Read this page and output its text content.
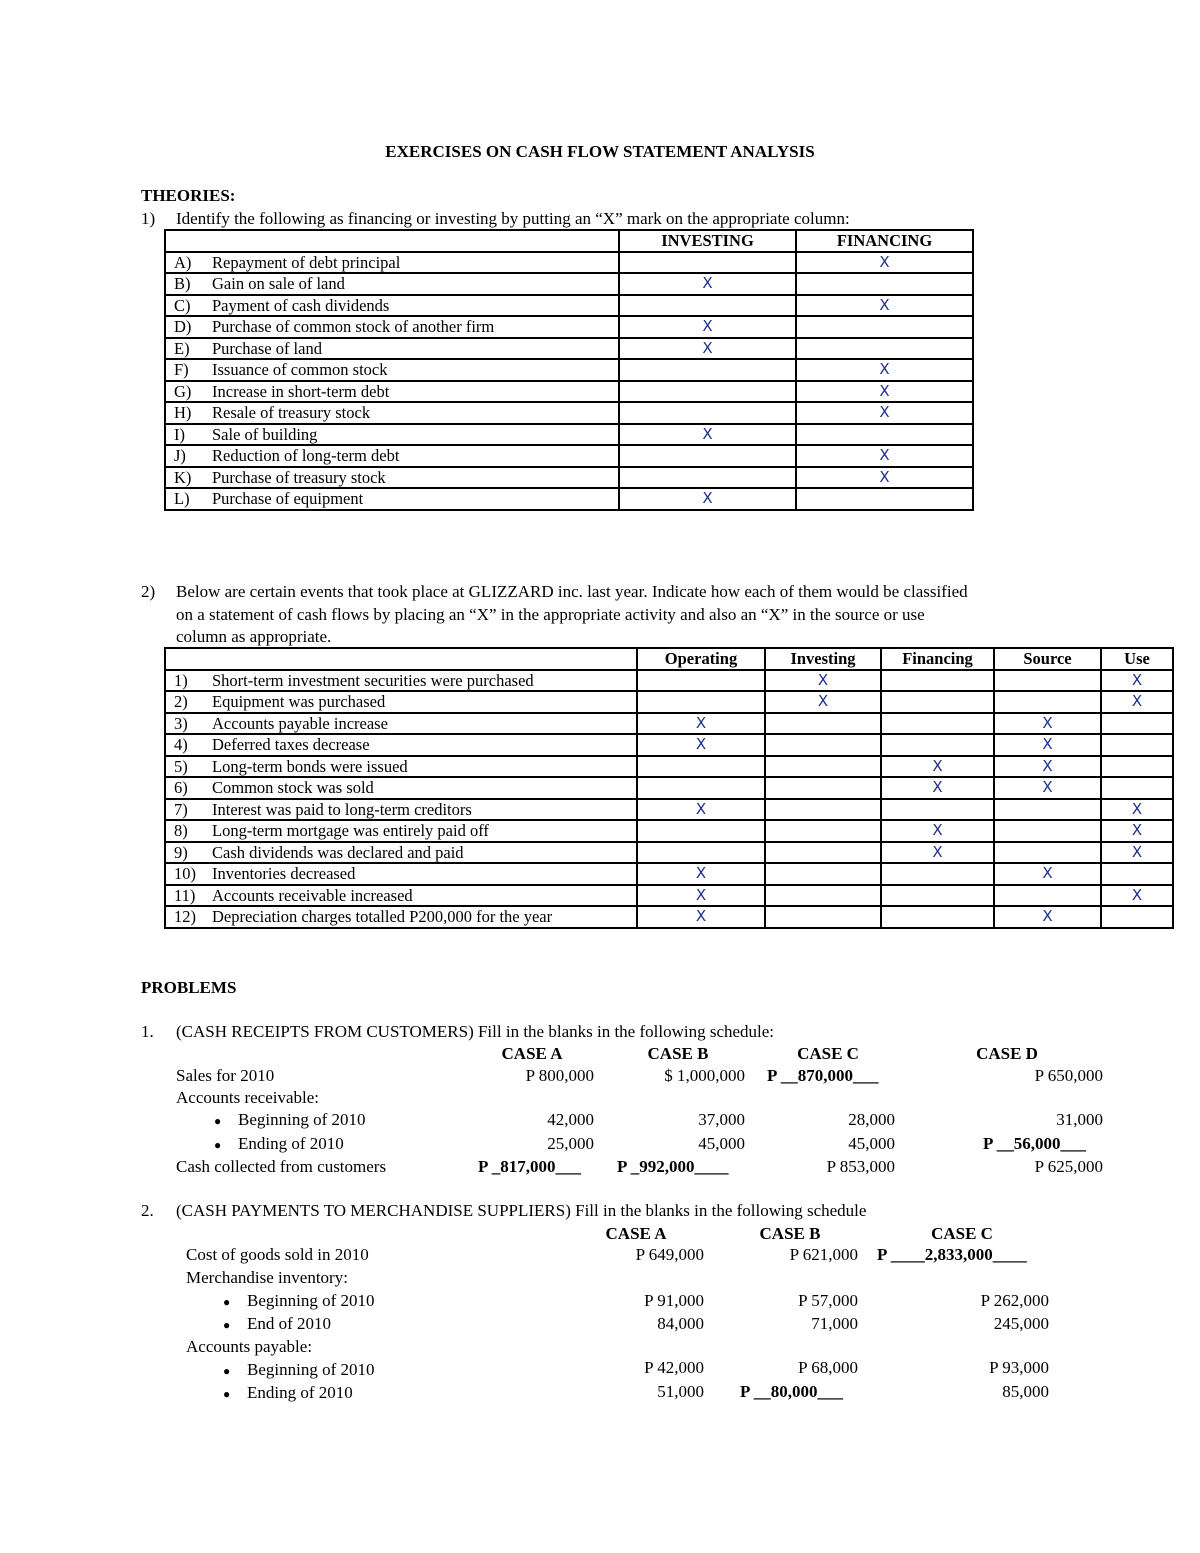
EXERCISES ON CASH FLOW STATEMENT ANALYSIS
THEORIES:
1) Identify the following as financing or investing by putting an “X” mark on the appropriate column:
	INVESTING	FINANCING
A) Repayment of debt principal		X
B) Gain on sale of land	X	
C) Payment of cash dividends		X
D) Purchase of common stock of another firm	X	
E) Purchase of land	X	
F) Issuance of common stock		X
G) Increase in short-term debt		X
H) Resale of treasury stock		X
I) Sale of building	X	
J) Reduction of long-term debt		X
K) Purchase of treasury stock		X
L) Purchase of equipment	X	
2) Below are certain events that took place at GLIZZARD inc. last year. Indicate how each of them would be classified
on a statement of cash flows by placing an “X” in the appropriate activity and also an “X” in the source or use
column as appropriate.
	Operating	Investing	Financing	Source	Use
1) Short-term investment securities were purchased		X			X
2) Equipment was purchased		X			X
3) Accounts payable increase	X			X	
4) Deferred taxes decrease	X			X	
5) Long-term bonds were issued			X	X	
6) Common stock was sold			X	X	
7) Interest was paid to long-term creditors	X				X
8) Long-term mortgage was entirely paid off			X		X
9) Cash dividends was declared and paid			X		X
10) Inventories decreased	X			X	
11) Accounts receivable increased	X				X
12) Depreciation charges totalled P200,000 for the year	X			X	
PROBLEMS
1. (CASH RECEIPTS FROM CUSTOMERS) Fill in the blanks in the following schedule:
CASE A	CASE B	CASE C	CASE D
Sales for 2010	P 800,000	$ 1,000,000 P __870,000___	P 650,000
Accounts receivable:
● Beginning of 2010	42,000	37,000	28,000	31,000
● Ending of 2010	25,000	45,000	45,000	P __56,000___
Cash collected from customers	P _817,000___ P _992,000____	P 853,000	P 625,000
2. (CASH PAYMENTS TO MERCHANDISE SUPPLIERS) Fill in the blanks in the following schedule
CASE A	CASE B	CASE C
Cost of goods sold in 2010	P 649,000	P 621,000 P ____2,833,000____
Merchandise inventory:
● Beginning of 2010	P 91,000	P 57,000	P 262,000
● End of 2010	84,000	71,000	245,000
Accounts payable:
● Beginning of 2010	P 42,000	P 68,000	P 93,000
● Ending of 2010	51,000 P __80,000___	85,000
